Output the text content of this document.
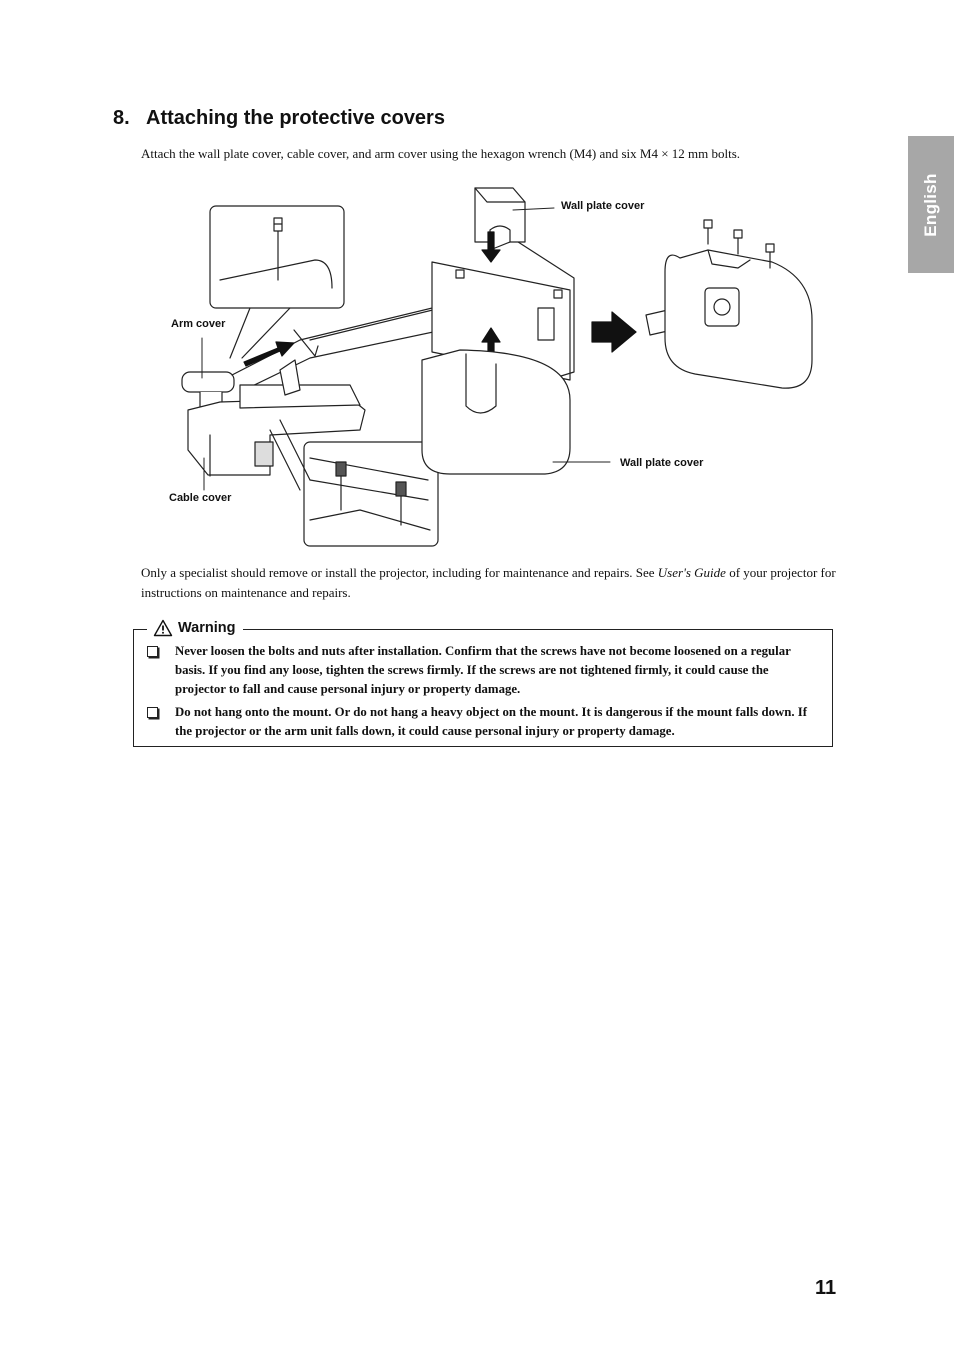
English
8. Attaching the protective covers

Attach the wall plate cover, cable cover, and arm cover using the hexagon wrench (M4) and six M4 × 12 mm bolts.

Wall plate cover
Arm cover
Cable cover
Wall plate cover

Only a specialist should remove or install the projector, including for maintenance and repairs. See User's Guide of your projector for instructions on maintenance and repairs.

Warning
Never loosen the bolts and nuts after installation. Confirm that the screws have not become loosened on a regular basis. If you find any loose, tighten the screws firmly. If the screws are not tightened firmly, it could cause the projector to fall and cause personal injury or property damage.
Do not hang onto the mount. Or do not hang a heavy object on the mount. It is dangerous if the mount falls down. If the projector or the arm unit falls down, it could cause personal injury or property damage.
11
